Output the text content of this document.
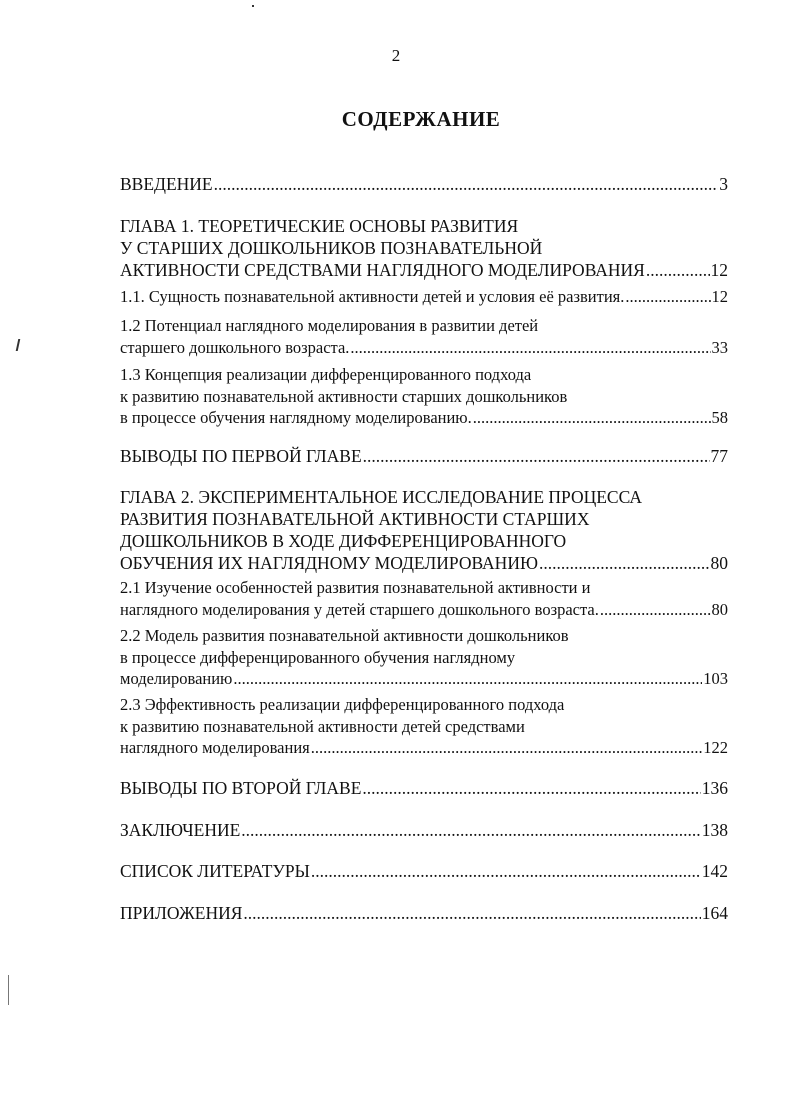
2
СОДЕРЖАНИЕ
ВВЕДЕНИЕ .....	3
ГЛАВА 1. ТЕОРЕТИЧЕСКИЕ ОСНОВЫ РАЗВИТИЯ
У СТАРШИХ ДОШКОЛЬНИКОВ ПОЗНАВАТЕЛЬНОЙ
АКТИВНОСТИ СРЕДСТВАМИ НАГЛЯДНОГО МОДЕЛИРОВАНИЯ .....	12
1.1. Сущность познавательной активности детей и условия её развития. .....	12
1.2 Потенциал наглядного моделирования в развитии детей
старшего дошкольного возраста. .....	33
1.3 Концепция реализации дифференцированного подхода
к развитию познавательной активности старших дошкольников
в процессе обучения наглядному моделированию. .....	58
ВЫВОДЫ ПО ПЕРВОЙ ГЛАВЕ .....	77
ГЛАВА 2. ЭКСПЕРИМЕНТАЛЬНОЕ ИССЛЕДОВАНИЕ ПРОЦЕССА
РАЗВИТИЯ ПОЗНАВАТЕЛЬНОЙ АКТИВНОСТИ СТАРШИХ
ДОШКОЛЬНИКОВ В ХОДЕ ДИФФЕРЕНЦИРОВАННОГО
ОБУЧЕНИЯ ИХ НАГЛЯДНОМУ МОДЕЛИРОВАНИЮ .....	80
2.1 Изучение особенностей развития познавательной активности и
наглядного моделирования у детей старшего дошкольного возраста. .....	80
2.2 Модель развития познавательной активности дошкольников
в процессе дифференцированного обучения наглядному
моделированию .....	103
2.3 Эффективность реализации дифференцированного подхода
к развитию познавательной активности детей средствами
наглядного моделирования .....	122
ВЫВОДЫ ПО ВТОРОЙ ГЛАВЕ .....	136
ЗАКЛЮЧЕНИЕ .....	138
СПИСОК ЛИТЕРАТУРЫ .....	142
ПРИЛОЖЕНИЯ .....	164
